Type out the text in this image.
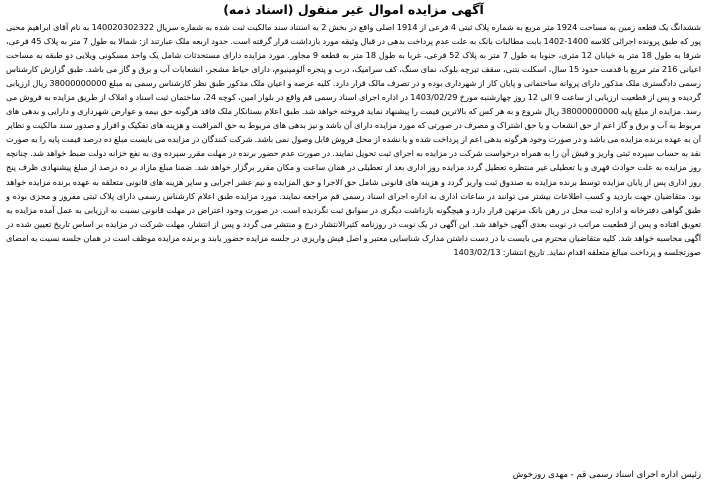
آگهی مزایده اموال غیر منقول (اسناد ذمه)
ششدانگ یک قطعه زمین به مساحت 1924 متر مربع به شماره پلاک ثبتی 4 فرعی از 1914 اصلی واقع در بخش 2 به استناد سند مالکیت ثبت شده به شماره سریال 140020302322 به نام آقای ابراهیم محبی پور که طبق پرونده اجرائی کلاسه 1400-1402 بابت مطالبات بانک به علت عدم پرداخت بدهی در قبال وثیقه مورد بازداشت قرار گرفته است. حدود اربعه ملک عبارتند از: شمالا به طول 7 متر به پلاک 45 فرعی، شرقا به طول 18 متر به خیابان 12 متری، جنوبا به طول 7 متر به پلاک 52 فرعی، غربا به طول 18 متر به قطعه 9 مجاور. مورد مزایده دارای مستحدثات شامل یک واحد مسکونی ویلایی دو طبقه به مساحت اعیانی 216 متر مربع با قدمت حدود 15 سال، اسکلت بتنی، سقف تیرچه بلوک، نمای سنگ، کف سرامیک، درب و پنجره آلومینیوم، دارای حیاط مشجر، انشعابات آب و برق و گاز می باشد. طبق گزارش کارشناس رسمی دادگستری ملک مذکور دارای پروانه ساختمانی و پایان کار از شهرداری بوده و در تصرف مالک قرار دارد. کلیه عرصه و اعیان ملک مذکور طبق نظر کارشناس رسمی به مبلغ 38000000000 ریال ارزیابی گردیده و پس از قطعیت ارزیابی از ساعت 9 الی 12 روز چهارشنبه مورخ 1403/02/29 در اداره اجرای اسناد رسمی قم واقع در بلوار امین، کوچه 24، ساختمان ثبت اسناد و املاک از طریق مزایده به فروش می رسد. مزایده از مبلغ پایه 38000000000 ریال شروع و به هر کس که بالاترین قیمت را پیشنهاد نماید فروخته خواهد شد. طبق اعلام بستانکار ملک فاقد هرگونه حق بیمه و عوارض شهرداری و دارایی و بدهی های مربوط به آب و برق و گاز اعم از حق انشعاب و یا حق اشتراک و مصرف در صورتی که مورد مزایده دارای آن باشد و نیز بدهی های مربوط به حق المراقبت و هزینه های تفکیک و افراز و صدور سند مالکیت و نظایر آن به عهده برنده مزایده می باشد و در صورت وجود هرگونه بدهی اعم از پرداخت شده و یا نشده از محل فروش قابل وصول نمی باشد. شرکت کنندگان در مزایده می بایست مبلغ ده درصد قیمت پایه را به صورت نقد به حساب سپرده ثبتی واریز و فیش آن را به همراه درخواست شرکت در مزایده به اجرای ثبت تحویل نمایند. در صورت عدم حضور برنده در مهلت مقرر سپرده وی به نفع خزانه دولت ضبط خواهد شد. چنانچه روز مزایده به علت حوادث قهری و یا تعطیلی غیر منتظره تعطیل گردد مزایده روز اداری بعد از تعطیلی در همان ساعت و مکان مقرر برگزار خواهد شد. ضمنا مبلغ مازاد بر ده درصد از مبلغ پیشنهادی ظرف پنج روز اداری پس از پایان مزایده توسط برنده مزایده به صندوق ثبت واریز گردد و هزینه های قانونی شامل حق الاجرا و حق المزایده و نیم عشر اجرایی و سایر هزینه های قانونی متعلقه به عهده برنده مزایده خواهد بود. متقاضیان جهت بازدید و کسب اطلاعات بیشتر می توانند در ساعات اداری به اداره اجرای اسناد رسمی قم مراجعه نمایند. مورد مزایده طبق اعلام کارشناس رسمی دارای پلاک ثبتی مفروز و مجزی بوده و طبق گواهی دفترخانه و اداره ثبت محل در رهن بانک مرتهن قرار دارد و هیچگونه بازداشت دیگری در سوابق ثبت نگردیده است. در صورت وجود اعتراض در مهلت قانونی نسبت به ارزیابی به عمل آمده مزایده به تعویق افتاده و پس از قطعیت مراتب در نوبت بعدی آگهی خواهد شد. این آگهی در یک نوبت در روزنامه کثیرالانتشار درج و منتشر می گردد و پس از انتشار، مهلت شرکت در مزایده بر اساس تاریخ تعیین شده در آگهی محاسبه خواهد شد. کلیه متقاضیان محترم می بایست با در دست داشتن مدارک شناسایی معتبر و اصل فیش واریزی در جلسه مزایده حضور یابند و برنده مزایده موظف است در همان جلسه نسبت به امضای صورتجلسه و پرداخت مبالغ متعلقه اقدام نماید. تاریخ انتشار: 1403/02/13
رئیس اداره اجرای اسناد رسمی قم - مهدی روزخوش
